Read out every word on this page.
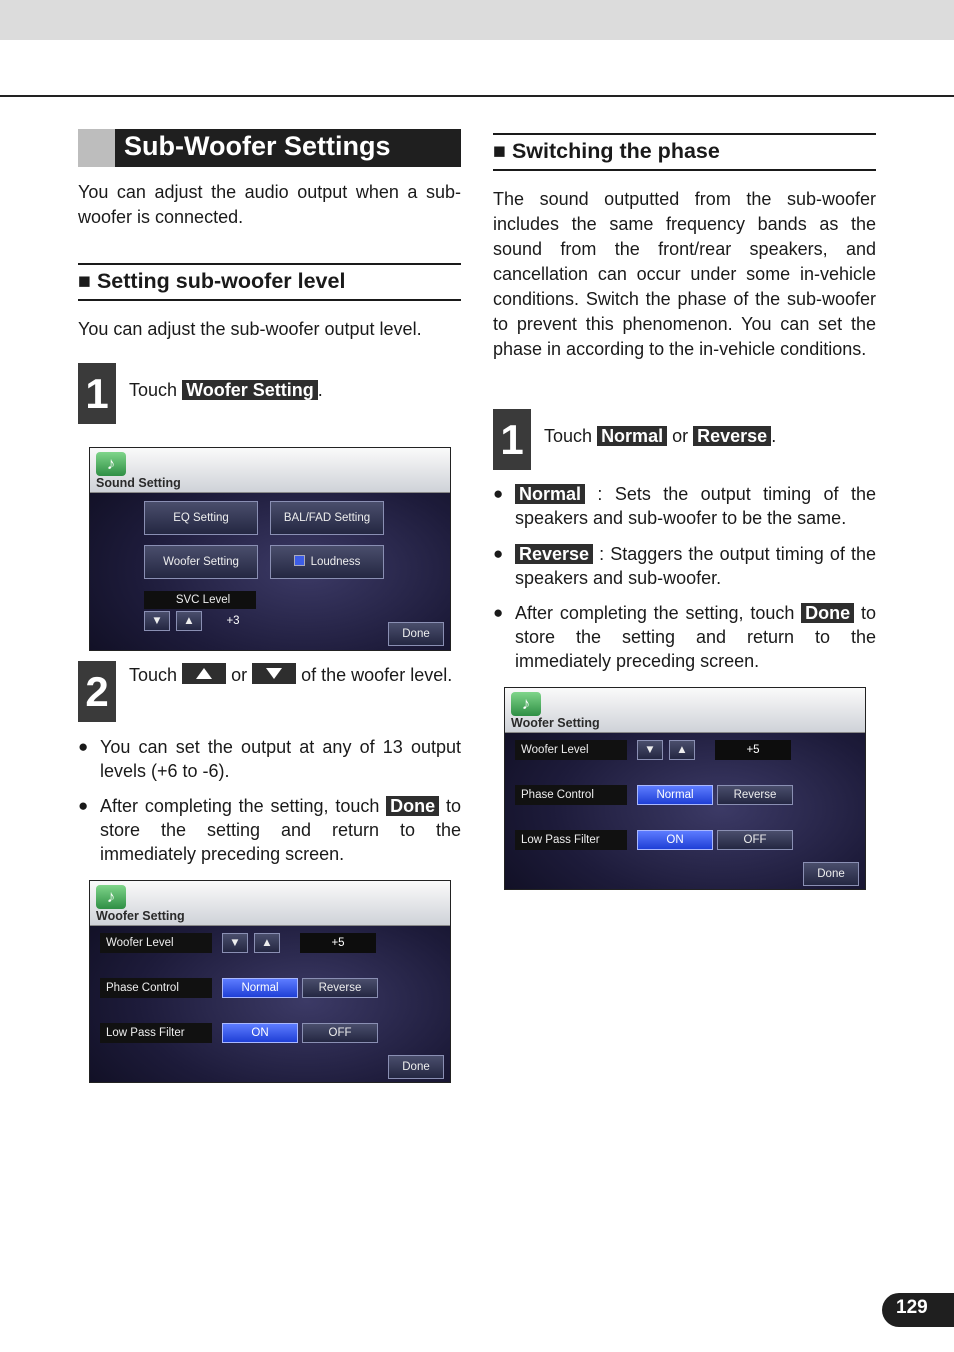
Sub-Woofer Settings
You can adjust the audio output when a sub-woofer is connected.
■ Setting sub-woofer level
You can adjust the sub-woofer output level.
1	Touch Woofer Setting .
♪
Sound Setting
EQ Setting	BAL/FAD Setting
Woofer Setting	Loudness
SVC Level
▼	▲	+3
Done
2	Touch	or	of the woofer level.
● You can set the output at any of 13 output levels (+6 to -6).
● After completing the setting, touch Done to store the setting and return to the immediately preceding screen.
♪
Woofer Setting
Woofer Level	▼	▲	+5
Phase Control	Normal	Reverse
Low Pass Filter	ON	OFF
Done
■ Switching the phase
The sound outputted from the sub-woofer includes the same frequency bands as the sound from the front/rear speakers, and cancellation can occur under some in-vehicle conditions. Switch the phase of the sub-woofer to prevent this phenomenon. You can set the phase in according to the in-vehicle conditions.
1	Touch Normal or Reverse .
● Normal : Sets the output timing of the speakers and sub-woofer to be the same.
● Reverse : Staggers the output timing of the speakers and sub-woofer.
● After completing the setting, touch Done to store the setting and return to the immediately preceding screen.
♪
Woofer Setting
Woofer Level	▼	▲	+5
Phase Control	Normal	Reverse
Low Pass Filter	ON	OFF
Done
129
